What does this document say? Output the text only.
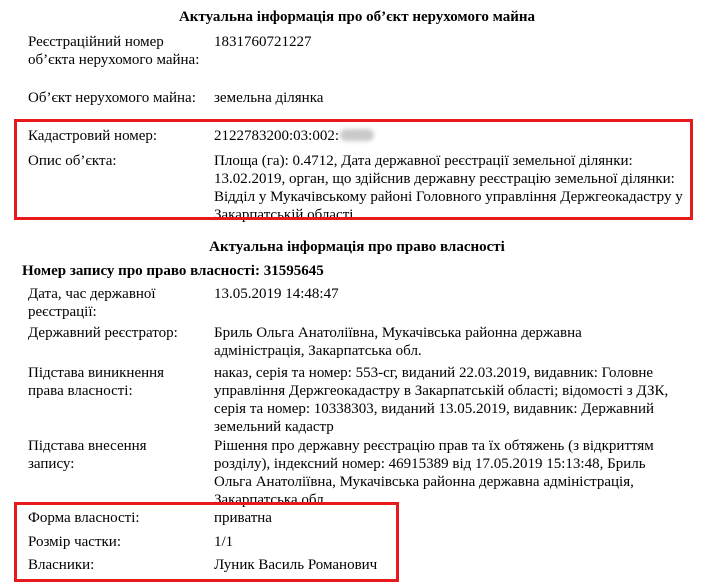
Актуальна інформація про об’єкт нерухомого майна
Реєстраційний номер об’єкта нерухомого майна:
1831760721227
Об’єкт нерухомого майна:	земельна ділянка
Кадастровий номер:	2122783200:03:002:
Опис об’єкта:	Площа (га): 0.4712, Дата державної реєстрації земельної ділянки: 13.02.2019, орган, що здійснив державну реєстрацію земельної ділянки: Відділ у Мукачівському районі Головного управління Держгеокадастру у Закарпатській області
Актуальна інформація про право власності
Номер запису про право власності: 31595645
Дата, час державної реєстрації:
13.05.2019 14:48:47
Державний реєстратор:	Бриль Ольга Анатоліївна, Мукачівська районна державна адміністрація, Закарпатська обл.
Підстава виникнення права власності:
наказ, серія та номер: 553-сг, виданий 22.03.2019, видавник: Головне управління Держгеокадастру в Закарпатській області; відомості з ДЗК, серія та номер: 10338303, виданий 13.05.2019, видавник: Державний земельний кадастр
Підстава внесення запису:
Рішення про державну реєстрацію прав та їх обтяжень (з відкриттям розділу), індексний номер: 46915389 від 17.05.2019 15:13:48, Бриль Ольга Анатоліївна, Мукачівська районна державна адміністрація, Закарпатська обл.
Форма власності:	приватна
Розмір частки:	1/1
Власники:	Луник Василь Романович
